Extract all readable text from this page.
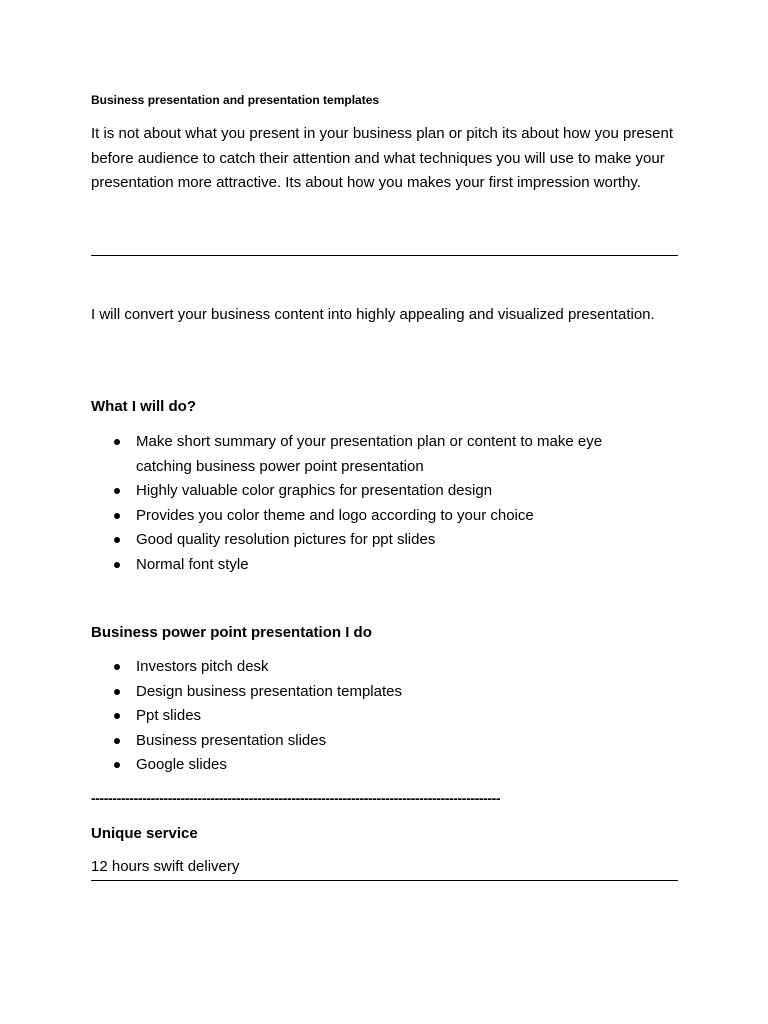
Business presentation and presentation templates
It is not about what you present in your business plan or pitch its about how you present before audience to catch their attention and what techniques you will use to make your presentation more attractive. Its about how you makes your first impression worthy.
I will convert your business content into highly appealing and visualized presentation.
What I will do?
Make short summary of your presentation plan or content to make eye catching business power point presentation
Highly valuable color graphics for presentation design
Provides you color theme and logo according to your choice
Good quality resolution pictures for ppt slides
Normal font style
Business power point presentation I do
Investors pitch desk
Design business presentation templates
Ppt slides
Business presentation slides
Google slides
------------------------------------------------------------------------------------------------
Unique service
12 hours swift delivery
